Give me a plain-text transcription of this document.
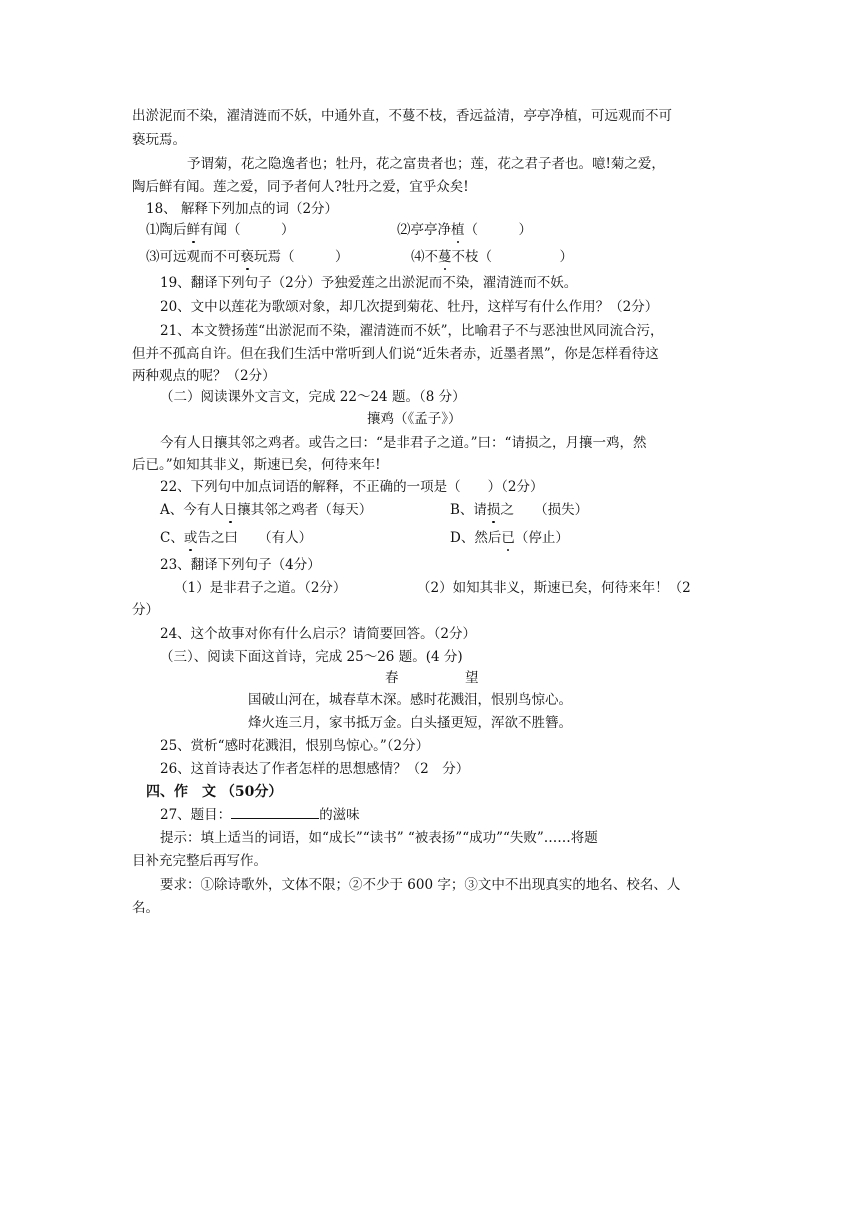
出淤泥而不染，濯清涟而不妖，中通外直，不蔓不枝，香远益清，亭亭净植，可远观而不可
亵玩焉。
予谓菊，花之隐逸者也；牡丹，花之富贵者也；莲，花之君子者也。噫!菊之爱，
陶后鲜有闻。莲之爱，同予者何人?牡丹之爱，宜乎众矣!
18、 解释下列加点的词（2分）
⑴陶后鲜有闻（　　　）	⑵亭亭净植（　　　）
⑶可远观而不可亵玩焉（　　　）	⑷不蔓不枝（　　　　　）
19、翻译下列句子（2分）予独爱莲之出淤泥而不染，濯清涟而不妖。
20、文中以莲花为歌颂对象，却几次提到菊花、牡丹，这样写有什么作用？（2分）
21、本文赞扬莲“出淤泥而不染，濯清涟而不妖”，比喻君子不与恶浊世风同流合污，
但并不孤高自许。但在我们生活中常听到人们说“近朱者赤，近墨者黑”，你是怎样看待这
两种观点的呢？（2分）
（二）阅读课外文言文，完成 22～24 题。（8 分）
攘鸡（《孟子》）
今有人日攘其邻之鸡者。或告之曰：“是非君子之道。”曰：“请损之，月攘一鸡，然
后已。”如知其非义，斯速已矣，何待来年!
22、下列句中加点词语的解释，不正确的一项是（　　）（2分）
A、今有人日攘其邻之鸡者（每天）	B、请损之　　（损失）
C、或告之曰　　（有人）	D、然后已（停止）
23、翻译下列句子（4分）
（1）是非君子之道。（2分）	（2）如知其非义，斯速已矣，何待来年！（2
分）
24、这个故事对你有什么启示？请简要回答。（2分）
（三）、阅读下面这首诗，完成 25～26 题。(4 分)
春	望
国破山河在，城春草木深。感时花溅泪，恨别鸟惊心。
烽火连三月，家书抵万金。白头搔更短，浑欲不胜簪。
25、赏析“感时花溅泪，恨别鸟惊心。”（2分）
26、这首诗表达了作者怎样的思想感情？（2　分）
四、作　文 （50分）
27、题目：	的滋味
提示：填上适当的词语，如“成长”“读书” “被表扬”“成功”“失败”……将题
目补充完整后再写作。
要求：①除诗歌外，文体不限；②不少于 600 字；③文中不出现真实的地名、校名、人
名。
